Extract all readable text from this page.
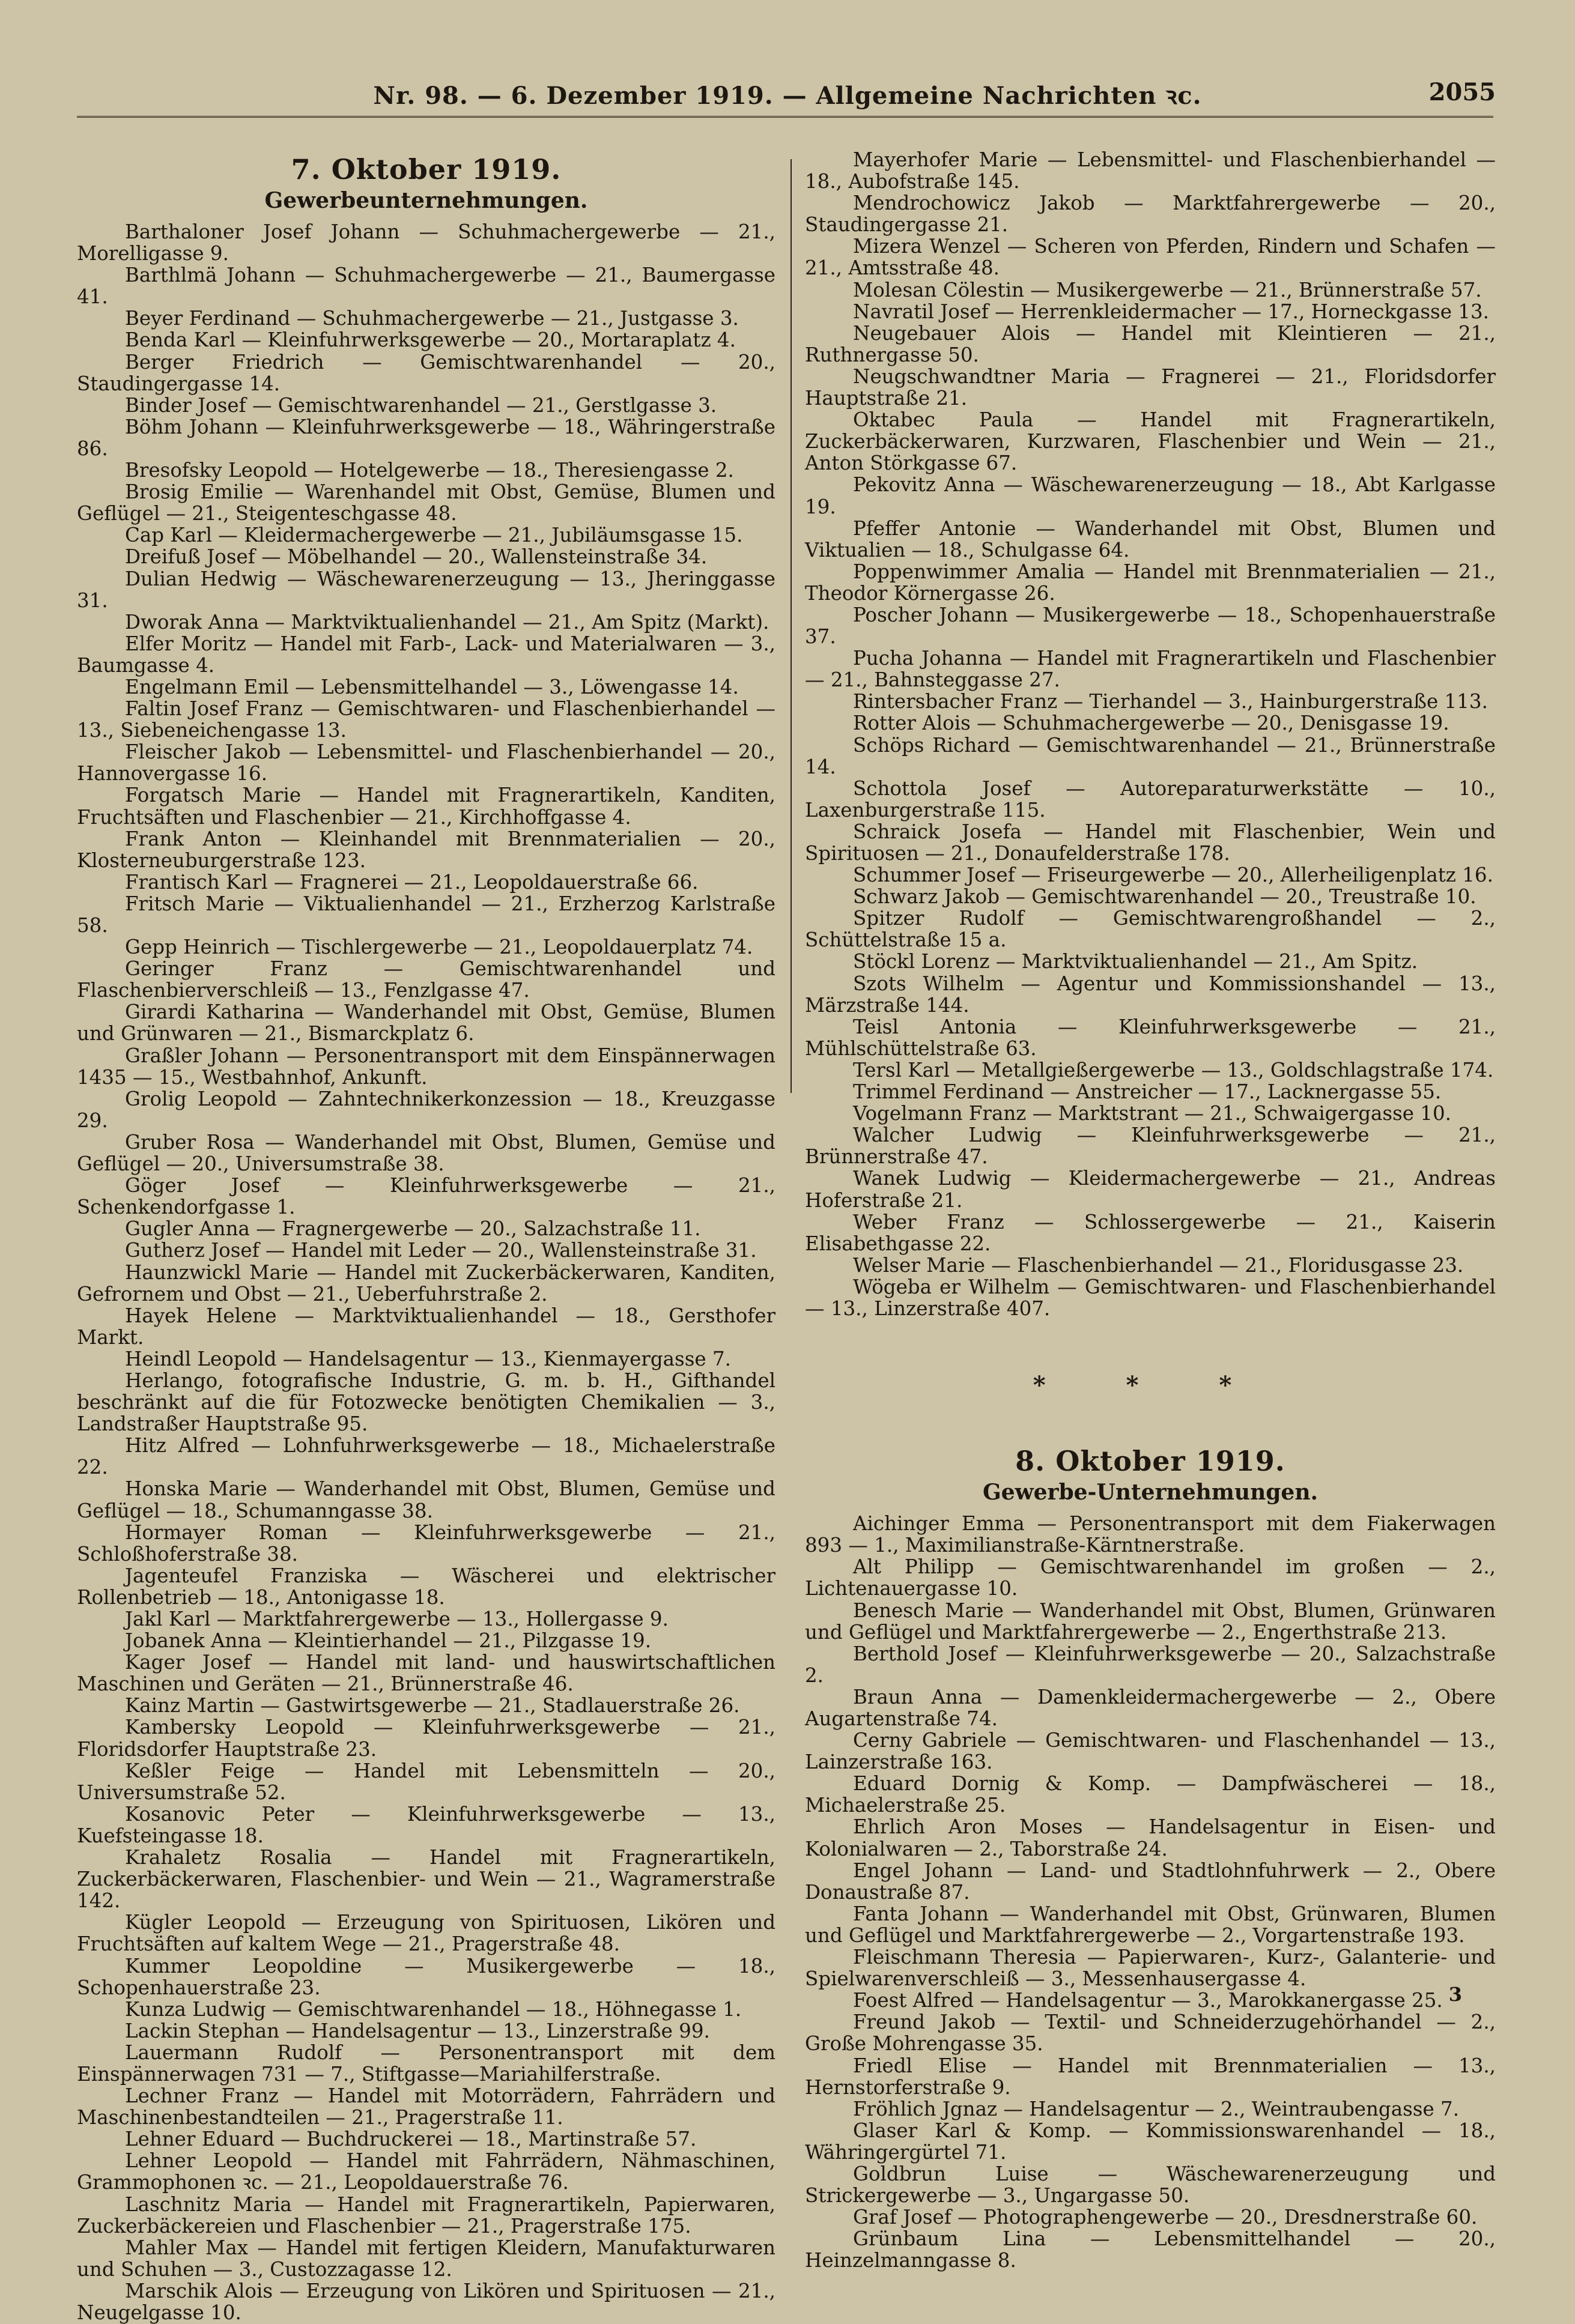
Nr. 98. — 6. Dezember 1919. — Allgemeine Nachrichten ꝛc.	2055
7. Oktober 1919.
Gewerbeunternehmungen.

Barthaloner Josef Johann — Schuhmachergewerbe — 21., Morelligasse 9.

Barthlmä Johann — Schuhmachergewerbe — 21., Baumergasse 41.

Beyer Ferdinand — Schuhmachergewerbe — 21., Justgasse 3.

Benda Karl — Kleinfuhrwerksgewerbe — 20., Mortaraplatz 4.

Berger Friedrich — Gemischtwarenhandel — 20., Staudingergasse 14.

Binder Josef — Gemischtwarenhandel — 21., Gerstlgasse 3.

Böhm Johann — Kleinfuhrwerksgewerbe — 18., Währingerstraße 86.

Bresofsky Leopold — Hotelgewerbe — 18., Theresiengasse 2.

Brosig Emilie — Warenhandel mit Obst, Gemüse, Blumen und Geflügel — 21., Steigenteschgasse 48.

Cap Karl — Kleidermachergewerbe — 21., Jubiläumsgasse 15.

Dreifuß Josef — Möbelhandel — 20., Wallensteinstraße 34.

Dulian Hedwig — Wäschewarenerzeugung — 13., Jheringgasse 31.

Dworak Anna — Marktviktualienhandel — 21., Am Spitz (Markt).

Elfer Moritz — Handel mit Farb-, Lack- und Materialwaren — 3., Baumgasse 4.

Engelmann Emil — Lebensmittelhandel — 3., Löwengasse 14.

Faltin Josef Franz — Gemischtwaren- und Flaschenbierhandel — 13., Siebeneichengasse 13.

Fleischer Jakob — Lebensmittel- und Flaschenbierhandel — 20., Hannovergasse 16.

Forgatsch Marie — Handel mit Fragnerartikeln, Kanditen, Fruchtsäften und Flaschenbier — 21., Kirchhoffgasse 4.

Frank Anton — Kleinhandel mit Brennmaterialien — 20., Klosterneuburgerstraße 123.

Frantisch Karl — Fragnerei — 21., Leopoldauerstraße 66.

Fritsch Marie — Viktualienhandel — 21., Erzherzog Karlstraße 58.

Gepp Heinrich — Tischlergewerbe — 21., Leopoldauerplatz 74.

Geringer Franz — Gemischtwarenhandel und Flaschenbierverschleiß — 13., Fenzlgasse 47.

Girardi Katharina — Wanderhandel mit Obst, Gemüse, Blumen und Grünwaren — 21., Bismarckplatz 6.

Graßler Johann — Personentransport mit dem Einspännerwagen 1435 — 15., Westbahnhof, Ankunft.

Grolig Leopold — Zahntechnikerkonzession — 18., Kreuzgasse 29.

Gruber Rosa — Wanderhandel mit Obst, Blumen, Gemüse und Geflügel — 20., Universumstraße 38.

Göger Josef — Kleinfuhrwerksgewerbe — 21., Schenkendorfgasse 1.

Gugler Anna — Fragnergewerbe — 20., Salzachstraße 11.

Gutherz Josef — Handel mit Leder — 20., Wallensteinstraße 31.

Haunzwickl Marie — Handel mit Zuckerbäckerwaren, Kanditen, Gefrornem und Obst — 21., Ueberfuhrstraße 2.

Hayek Helene — Marktviktualienhandel — 18., Gersthofer Markt.

Heindl Leopold — Handelsagentur — 13., Kienmayergasse 7.

Herlango, fotografische Industrie, G. m. b. H., Gifthandel beschränkt auf die für Fotozwecke benötigten Chemikalien — 3., Landstraßer Hauptstraße 95.

Hitz Alfred — Lohnfuhrwerksgewerbe — 18., Michaelerstraße 22.

Honska Marie — Wanderhandel mit Obst, Blumen, Gemüse und Geflügel — 18., Schumanngasse 38.

Hormayer Roman — Kleinfuhrwerksgewerbe — 21., Schloßhoferstraße 38.

Jagenteufel Franziska — Wäscherei und elektrischer Rollenbetrieb — 18., Antonigasse 18.

Jakl Karl — Marktfahrergewerbe — 13., Hollergasse 9.

Jobanek Anna — Kleintierhandel — 21., Pilzgasse 19.

Kager Josef — Handel mit land- und hauswirtschaftlichen Maschinen und Geräten — 21., Brünnerstraße 46.

Kainz Martin — Gastwirtsgewerbe — 21., Stadlauerstraße 26.

Kambersky Leopold — Kleinfuhrwerksgewerbe — 21., Floridsdorfer Hauptstraße 23.

Keßler Feige — Handel mit Lebensmitteln — 20., Universumstraße 52.

Kosanovic Peter — Kleinfuhrwerksgewerbe — 13., Kuefsteingasse 18.

Krahaletz Rosalia — Handel mit Fragnerartikeln, Zuckerbäckerwaren, Flaschenbier- und Wein — 21., Wagramerstraße 142.

Kügler Leopold — Erzeugung von Spirituosen, Likören und Fruchtsäften auf kaltem Wege — 21., Pragerstraße 48.

Kummer Leopoldine — Musikergewerbe — 18., Schopenhauerstraße 23.

Kunza Ludwig — Gemischtwarenhandel — 18., Höhnegasse 1.

Lackin Stephan — Handelsagentur — 13., Linzerstraße 99.

Lauermann Rudolf — Personentransport mit dem Einspännerwagen 731 — 7., Stiftgasse—Mariahilferstraße.

Lechner Franz — Handel mit Motorrädern, Fahrrädern und Maschinenbestandteilen — 21., Pragerstraße 11.

Lehner Eduard — Buchdruckerei — 18., Martinstraße 57.

Lehner Leopold — Handel mit Fahrrädern, Nähmaschinen, Grammophonen ꝛc. — 21., Leopoldauerstraße 76.

Laschnitz Maria — Handel mit Fragnerartikeln, Papierwaren, Zuckerbäckereien und Flaschenbier — 21., Pragerstraße 175.

Mahler Max — Handel mit fertigen Kleidern, Manufakturwaren und Schuhen — 3., Custozzagasse 12.

Marschik Alois — Erzeugung von Likören und Spirituosen — 21., Neugelgasse 10.

Mayerhofer Marie — Lebensmittel- und Flaschenbierhandel — 18., Aubofstraße 145.

Mendrochowicz Jakob — Marktfahrergewerbe — 20., Staudingergasse 21.

Mizera Wenzel — Scheren von Pferden, Rindern und Schafen — 21., Amtsstraße 48.

Molesan Cölestin — Musikergewerbe — 21., Brünnerstraße 57.

Navratil Josef — Herrenkleidermacher — 17., Horneckgasse 13.

Neugebauer Alois — Handel mit Kleintieren — 21., Ruthnergasse 50.

Neugschwandtner Maria — Fragnerei — 21., Floridsdorfer Hauptstraße 21.

Oktabec Paula — Handel mit Fragnerartikeln, Zuckerbäckerwaren, Kurzwaren, Flaschenbier und Wein — 21., Anton Störkgasse 67.

Pekovitz Anna — Wäschewarenerzeugung — 18., Abt Karlgasse 19.

Pfeffer Antonie — Wanderhandel mit Obst, Blumen und Viktualien — 18., Schulgasse 64.

Poppenwimmer Amalia — Handel mit Brennmaterialien — 21., Theodor Körnergasse 26.

Poscher Johann — Musikergewerbe — 18., Schopenhauerstraße 37.

Pucha Johanna — Handel mit Fragnerartikeln und Flaschenbier — 21., Bahnsteggasse 27.

Rintersbacher Franz — Tierhandel — 3., Hainburgerstraße 113.

Rotter Alois — Schuhmachergewerbe — 20., Denisgasse 19.

Schöps Richard — Gemischtwarenhandel — 21., Brünnerstraße 14.

Schottola Josef — Autoreparaturwerkstätte — 10., Laxenburgerstraße 115.

Schraick Josefa — Handel mit Flaschenbier, Wein und Spirituosen — 21., Donaufelderstraße 178.

Schummer Josef — Friseurgewerbe — 20., Allerheiligenplatz 16.

Schwarz Jakob — Gemischtwarenhandel — 20., Treustraße 10.

Spitzer Rudolf — Gemischtwarengroßhandel — 2., Schüttelstraße 15 a.

Stöckl Lorenz — Marktviktualienhandel — 21., Am Spitz.

Szots Wilhelm — Agentur und Kommissionshandel — 13., Märzstraße 144.

Teisl Antonia — Kleinfuhrwerksgewerbe — 21., Mühlschüttelstraße 63.

Tersl Karl — Metallgießergewerbe — 13., Goldschlagstraße 174.

Trimmel Ferdinand — Anstreicher — 17., Lacknergasse 55.

Vogelmann Franz — Marktstrant — 21., Schwaigergasse 10.

Walcher Ludwig — Kleinfuhrwerksgewerbe — 21., Brünnerstraße 47.

Wanek Ludwig — Kleidermachergewerbe — 21., Andreas Hoferstraße 21.

Weber Franz — Schlossergewerbe — 21., Kaiserin Elisabethgasse 22.

Welser Marie — Flaschenbierhandel — 21., Floridusgasse 23.

Wögeba er Wilhelm — Gemischtwaren- und Flaschenbierhandel — 13., Linzerstraße 407.

* * *
8. Oktober 1919.
Gewerbe-Unternehmungen.

Aichinger Emma — Personentransport mit dem Fiakerwagen 893 — 1., Maximilianstraße-Kärntnerstraße.

Alt Philipp — Gemischtwarenhandel im großen — 2., Lichtenauergasse 10.

Benesch Marie — Wanderhandel mit Obst, Blumen, Grünwaren und Geflügel und Marktfahrergewerbe — 2., Engerthstraße 213.

Berthold Josef — Kleinfuhrwerksgewerbe — 20., Salzachstraße 2.

Braun Anna — Damenkleidermachergewerbe — 2., Obere Augartenstraße 74.

Cerny Gabriele — Gemischtwaren- und Flaschenhandel — 13., Lainzerstraße 163.

Eduard Dornig & Komp. — Dampfwäscherei — 18., Michaelerstraße 25.

Ehrlich Aron Moses — Handelsagentur in Eisen- und Kolonialwaren — 2., Taborstraße 24.

Engel Johann — Land- und Stadtlohnfuhrwerk — 2., Obere Donaustraße 87.

Fanta Johann — Wanderhandel mit Obst, Grünwaren, Blumen und Geflügel und Marktfahrergewerbe — 2., Vorgartenstraße 193.

Fleischmann Theresia — Papierwaren-, Kurz-, Galanterie- und Spielwarenverschleiß — 3., Messenhausergasse 4.

Foest Alfred — Handelsagentur — 3., Marokkanergasse 25.

Freund Jakob — Textil- und Schneiderzugehörhandel — 2., Große Mohrengasse 35.

Friedl Elise — Handel mit Brennmaterialien — 13., Hernstorferstraße 9.

Fröhlich Jgnaz — Handelsagentur — 2., Weintraubengasse 7.

Glaser Karl & Komp. — Kommissionswarenhandel — 18., Währingergürtel 71.

Goldbrun Luise — Wäschewarenerzeugung und Strickergewerbe — 3., Ungargasse 50.

Graf Josef — Photographengewerbe — 20., Dresdnerstraße 60.

Grünbaum Lina — Lebensmittelhandel — 20., Heinzelmanngasse 8.

3
